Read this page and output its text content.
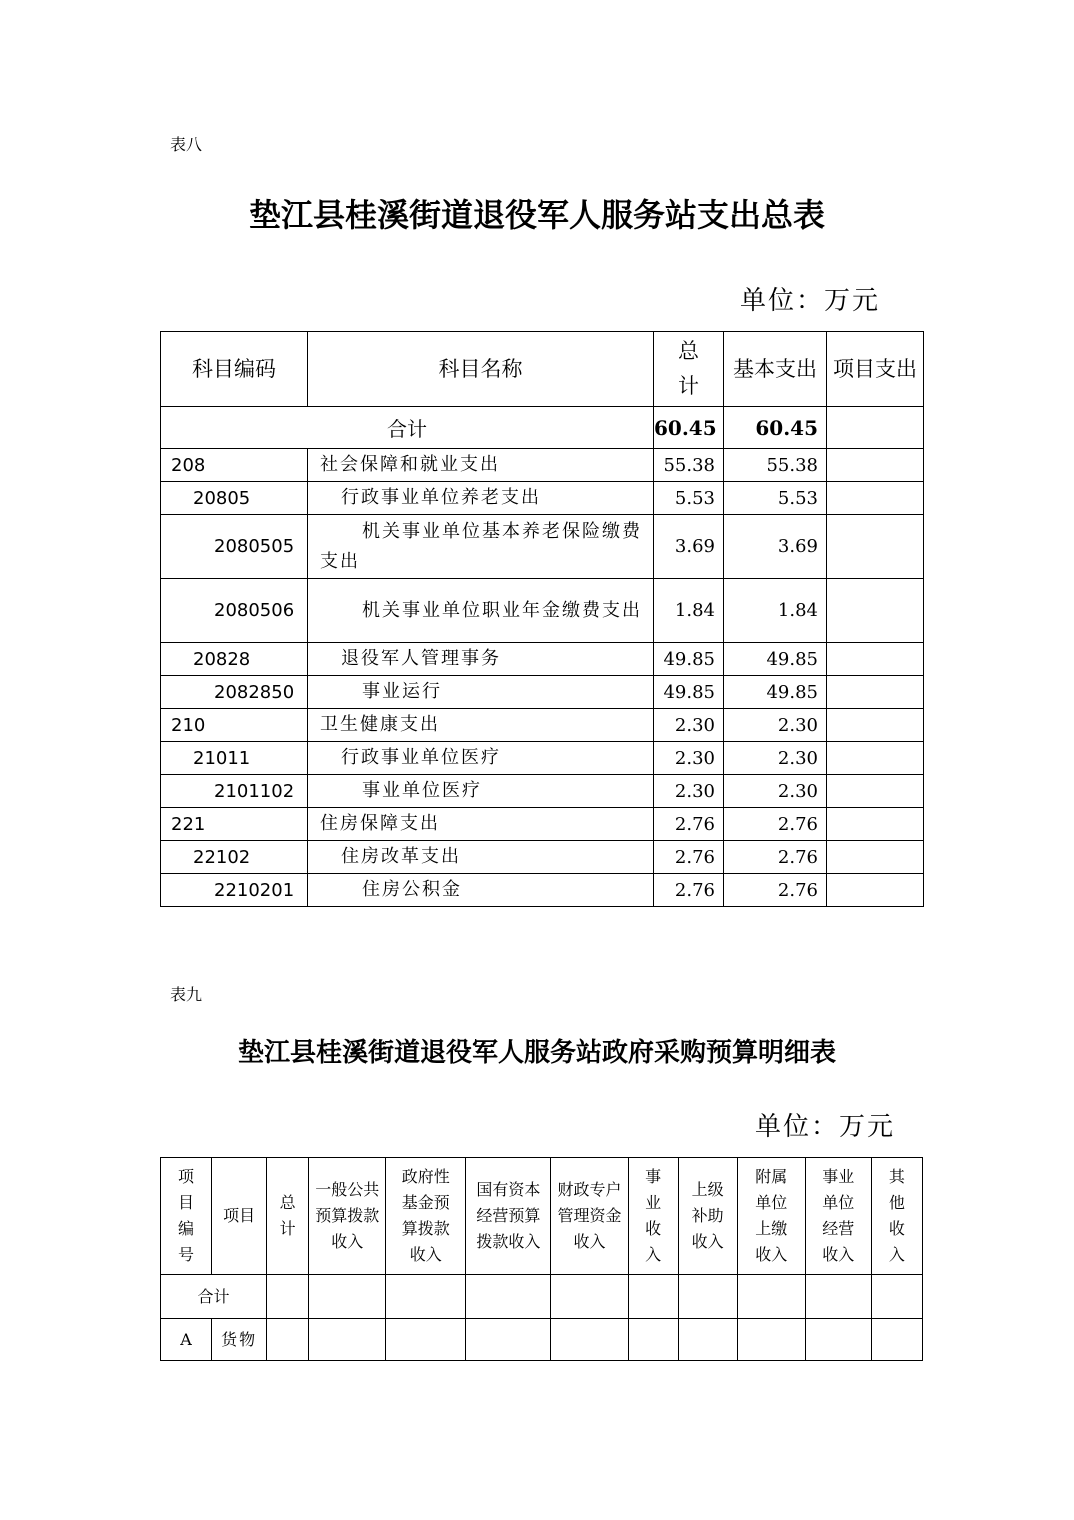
表八
垫江县桂溪街道退役军人服务站支出总表
单位：万元
科目编码	科目名称	总计	基本支出	项目支出
合计		60.45	60.45	
208	社会保障和就业支出	55.38	55.38	
20805	行政事业单位养老支出	5.53	5.53	
2080505	机关事业单位基本养老保险缴费支出	3.69	3.69	
2080506	机关事业单位职业年金缴费支出	1.84	1.84	
20828	退役军人管理事务	49.85	49.85	
2082850	事业运行	49.85	49.85	
210	卫生健康支出	2.30	2.30	
21011	行政事业单位医疗	2.30	2.30	
2101102	事业单位医疗	2.30	2.30	
221	住房保障支出	2.76	2.76	
22102	住房改革支出	2.76	2.76	
2210201	住房公积金	2.76	2.76	
表九
垫江县桂溪街道退役军人服务站政府采购预算明细表
单位：万元
项目编号	项目	总计	一般公共预算拨款收入	政府性基金预算拨款收入	国有资本经营预算拨款收入	财政专户管理资金收入	事业收入	上级补助收入	附属单位上缴收入	事业单位经营收入	其他收入
合计											
A	货物										
